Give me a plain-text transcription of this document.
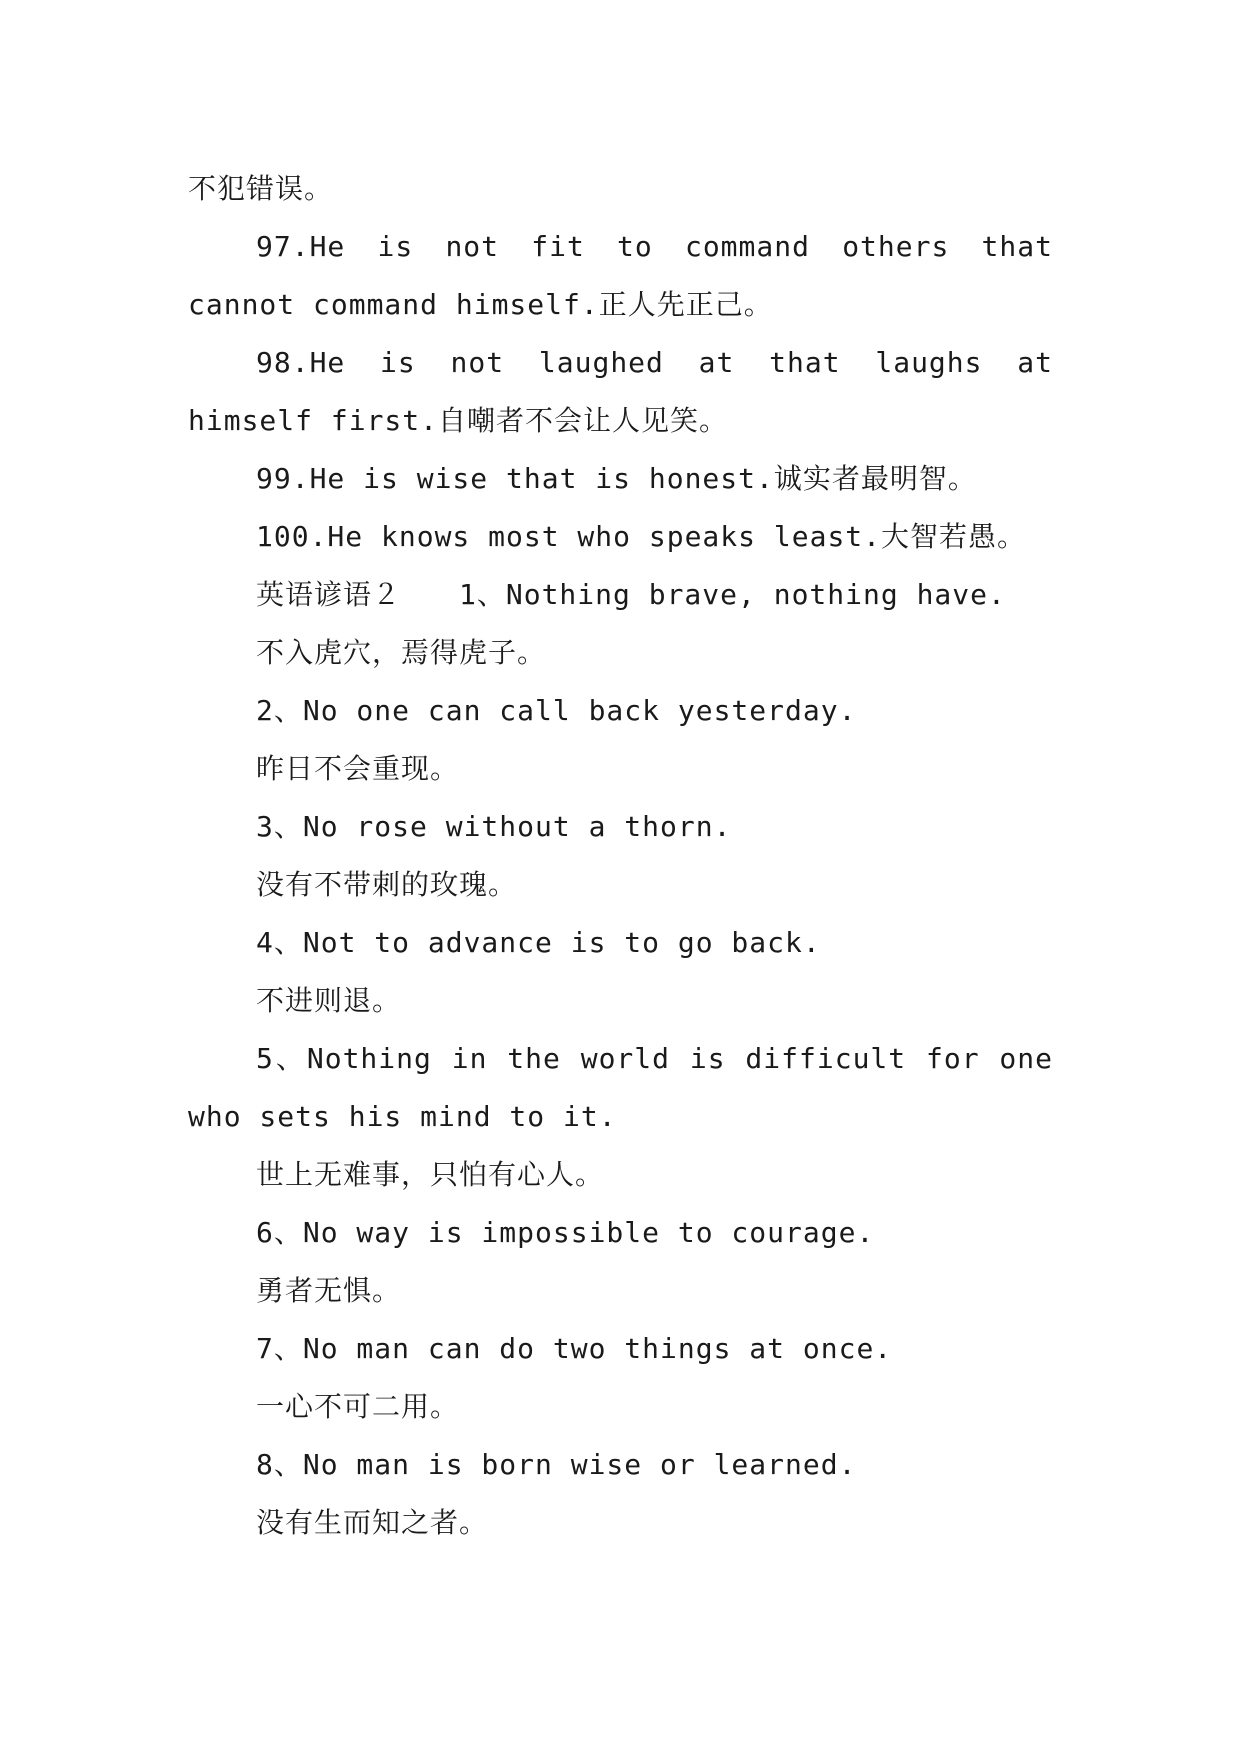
不犯错误。

97.He is not fit to command others that cannot command himself.正人先正己。

98.He is not laughed at that laughs at himself first.自嘲者不会让人见笑。

99.He is wise that is honest.诚实者最明智。

100.He knows most who speaks least.大智若愚。

英语谚语２　　1、Nothing brave, nothing have.

不入虎穴，焉得虎子。

2、No one can call back yesterday.

昨日不会重现。

3、No rose without a thorn.

没有不带刺的玫瑰。

4、Not to advance is to go back.

不进则退。

5、Nothing in the world is difficult for one who sets his mind to it.

世上无难事，只怕有心人。

6、No way is impossible to courage.

勇者无惧。

7、No man can do two things at once.

一心不可二用。

8、No man is born wise or learned.

没有生而知之者。
